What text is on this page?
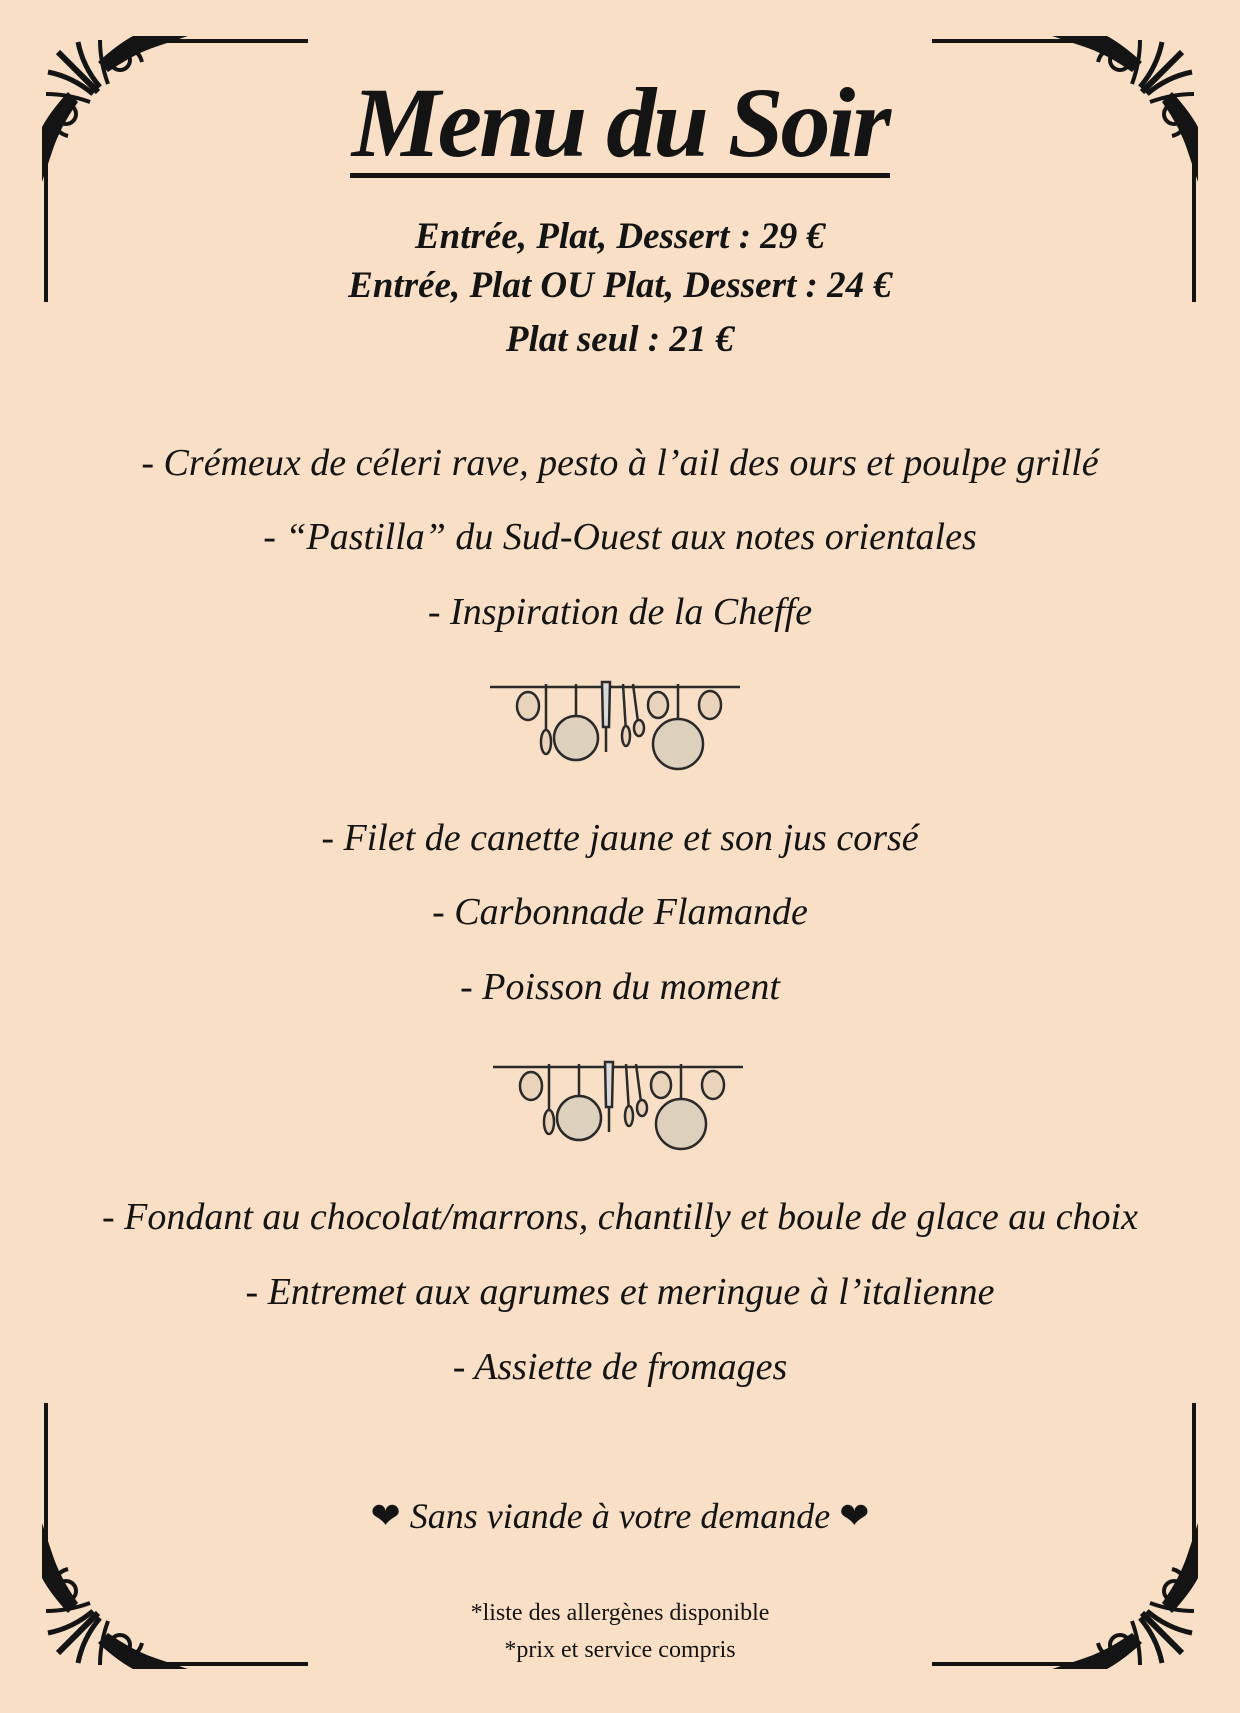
Menu du Soir
Entrée, Plat, Dessert : 29 €
Entrée, Plat OU Plat, Dessert : 24 €
Plat seul : 21 €
- Crémeux de céleri rave, pesto à l’ail des ours et poulpe grillé
- “Pastilla” du Sud-Ouest aux notes orientales
- Inspiration de la Cheffe
- Filet de canette jaune et son jus corsé
- Carbonnade Flamande
- Poisson du moment
- Fondant au chocolat/marrons, chantilly et boule de glace au choix
- Entremet aux agrumes et meringue à l’italienne
- Assiette de fromages
❤ Sans viande à votre demande ❤
*liste des allergènes disponible
*prix et service compris
